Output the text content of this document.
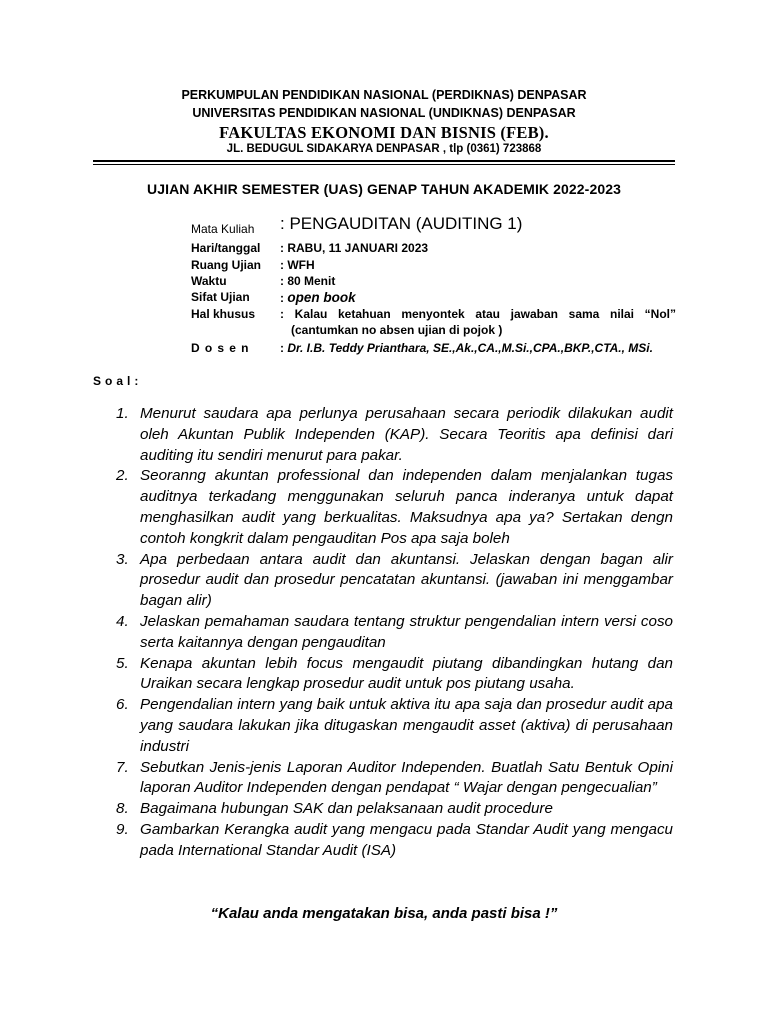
PERKUMPULAN PENDIDIKAN NASIONAL (PERDIKNAS) DENPASAR
UNIVERSITAS PENDIDIKAN NASIONAL (UNDIKNAS) DENPASAR
FAKULTAS EKONOMI DAN BISNIS (FEB).
JL. BEDUGUL SIDAKARYA DENPASAR , tlp (0361) 723868
UJIAN AKHIR SEMESTER (UAS) GENAP TAHUN AKADEMIK 2022-2023
Mata Kuliah : PENGAUDITAN (AUDITING 1)
Hari/tanggal : RABU, 11 JANUARI 2023
Ruang Ujian : WFH
Waktu	: 80 Menit
Sifat Ujian	: open book
Hal khusus : Kalau ketahuan menyontek atau jawaban sama nilai “Nol”
(cantumkan no absen ujian di pojok )
Dosen : Dr. I.B. Teddy Prianthara, SE.,Ak.,CA.,M.Si.,CPA.,BKP.,CTA., MSi.
Soal:
1. Menurut saudara apa perlunya perusahaan secara periodik dilakukan audit oleh Akuntan Publik Independen (KAP). Secara Teoritis apa definisi dari auditing itu sendiri menurut para pakar.
2. Seoranng akuntan professional dan independen dalam menjalankan tugas auditnya terkadang menggunakan seluruh panca inderanya untuk dapat menghasilkan audit yang berkualitas. Maksudnya apa ya? Sertakan dengn contoh kongkrit dalam pengauditan Pos apa saja boleh
3. Apa perbedaan antara audit dan akuntansi. Jelaskan dengan bagan alir prosedur audit dan prosedur pencatatan akuntansi. (jawaban ini menggambar bagan alir)
4. Jelaskan pemahaman saudara tentang struktur pengendalian intern versi coso serta kaitannya dengan pengauditan
5. Kenapa akuntan lebih focus mengaudit piutang dibandingkan hutang dan Uraikan secara lengkap prosedur audit untuk pos piutang usaha.
6. Pengendalian intern yang baik untuk aktiva itu apa saja dan prosedur audit apa yang saudara lakukan jika ditugaskan mengaudit asset (aktiva) di perusahaan industri
7. Sebutkan Jenis-jenis Laporan Auditor Independen. Buatlah Satu Bentuk Opini laporan Auditor Independen dengan pendapat “ Wajar dengan pengecualian”
8. Bagaimana hubungan SAK dan pelaksanaan audit procedure
9. Gambarkan Kerangka audit yang mengacu pada Standar Audit yang mengacu pada International Standar Audit (ISA)
“Kalau anda mengatakan bisa, anda pasti bisa !”
